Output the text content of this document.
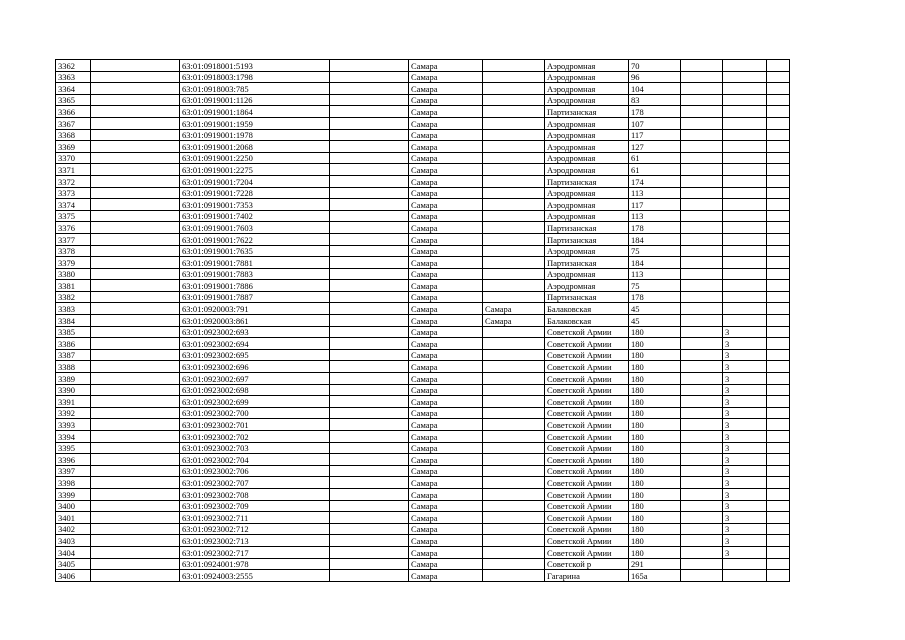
3362		63:01:0918001:5193		Самара		Аэродромная	70			
3363		63:01:0918003:1798		Самара		Аэродромная	96			
3364		63:01:0918003:785		Самара		Аэродромная	104			
3365		63:01:0919001:1126		Самара		Аэродромная	83			
3366		63:01:0919001:1864		Самара		Партизанская	178			
3367		63:01:0919001:1959		Самара		Аэродромная	107			
3368		63:01:0919001:1978		Самара		Аэродромная	117			
3369		63:01:0919001:2068		Самара		Аэродромная	127			
3370		63:01:0919001:2250		Самара		Аэродромная	61			
3371		63:01:0919001:2275		Самара		Аэродромная	61			
3372		63:01:0919001:7204		Самара		Партизанская	174			
3373		63:01:0919001:7228		Самара		Аэродромная	113			
3374		63:01:0919001:7353		Самара		Аэродромная	117			
3375		63:01:0919001:7402		Самара		Аэродромная	113			
3376		63:01:0919001:7603		Самара		Партизанская	178			
3377		63:01:0919001:7622		Самара		Партизанская	184			
3378		63:01:0919001:7635		Самара		Аэродромная	75			
3379		63:01:0919001:7881		Самара		Партизанская	184			
3380		63:01:0919001:7883		Самара		Аэродромная	113			
3381		63:01:0919001:7886		Самара		Аэродромная	75			
3382		63:01:0919001:7887		Самара		Партизанская	178			
3383		63:01:0920003:791		Самара	Самара	Балаковская	45			
3384		63:01:0920003:861		Самара	Самара	Балаковская	45			
3385		63:01:0923002:693		Самара		Советской Армии	180		3	
3386		63:01:0923002:694		Самара		Советской Армии	180		3	
3387		63:01:0923002:695		Самара		Советской Армии	180		3	
3388		63:01:0923002:696		Самара		Советской Армии	180		3	
3389		63:01:0923002:697		Самара		Советской Армии	180		3	
3390		63:01:0923002:698		Самара		Советской Армии	180		3	
3391		63:01:0923002:699		Самара		Советской Армии	180		3	
3392		63:01:0923002:700		Самара		Советской Армии	180		3	
3393		63:01:0923002:701		Самара		Советской Армии	180		3	
3394		63:01:0923002:702		Самара		Советской Армии	180		3	
3395		63:01:0923002:703		Самара		Советской Армии	180		3	
3396		63:01:0923002:704		Самара		Советской Армии	180		3	
3397		63:01:0923002:706		Самара		Советской Армии	180		3	
3398		63:01:0923002:707		Самара		Советской Армии	180		3	
3399		63:01:0923002:708		Самара		Советской Армии	180		3	
3400		63:01:0923002:709		Самара		Советской Армии	180		3	
3401		63:01:0923002:711		Самара		Советской Армии	180		3	
3402		63:01:0923002:712		Самара		Советской Армии	180		3	
3403		63:01:0923002:713		Самара		Советской Армии	180		3	
3404		63:01:0923002:717		Самара		Советской Армии	180		3	
3405		63:01:0924001:978		Самара		Советской р	291			
3406		63:01:0924003:2555		Самара		Гагарина	165а			
